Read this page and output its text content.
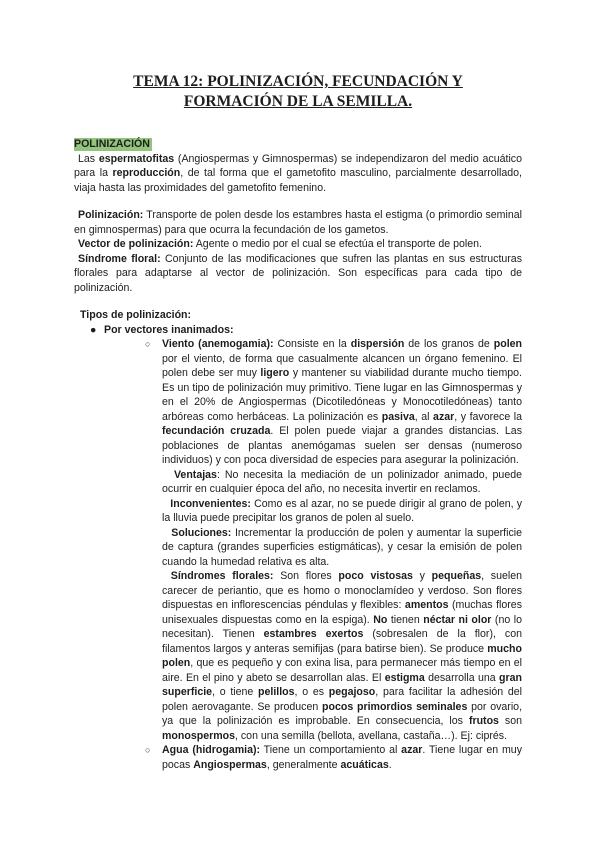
TEMA 12: POLINIZACIÓN, FECUNDACIÓN Y
FORMACIÓN DE LA SEMILLA.
POLINIZACIÓN

Las espermatofitas (Angiospermas y Gimnospermas) se independizaron del medio acuático para la reproducción, de tal forma que el gametofito masculino, parcialmente desarrollado, viaja hasta las proximidades del gametofito femenino.

Polinización: Transporte de polen desde los estambres hasta el estigma (o primordio seminal en gimnospermas) para que ocurra la fecundación de los gametos.

Vector de polinización: Agente o medio por el cual se efectúa el transporte de polen.

Síndrome floral: Conjunto de las modificaciones que sufren las plantas en sus estructuras florales para adaptarse al vector de polinización. Son específicas para cada tipo de polinización.

Tipos de polinización:

● Por vectores inanimados:
○ Viento (anemogamia): Consiste en la dispersión de los granos de polen por el viento, de forma que casualmente alcancen un órgano femenino. El polen debe ser muy ligero y mantener su viabilidad durante mucho tiempo. Es un tipo de polinización muy primitivo. Tiene lugar en las Gimnospermas y en el 20% de Angiospermas (Dicotiledóneas y Monocotiledóneas) tanto arbóreas como herbáceas. La polinización es pasiva, al azar, y favorece la fecundación cruzada. El polen puede viajar a grandes distancias. Las poblaciones de plantas anemógamas suelen ser densas (numeroso individuos) y con poca diversidad de especies para asegurar la polinización.

Ventajas: No necesita la mediación de un polinizador animado, puede ocurrir en cualquier época del año, no necesita invertir en reclamos.

Inconvenientes: Como es al azar, no se puede dirigir al grano de polen, y la lluvia puede precipitar los granos de polen al suelo.

Soluciones: Incrementar la producción de polen y aumentar la superficie de captura (grandes superficies estigmáticas), y cesar la emisión de polen cuando la humedad relativa es alta.

Síndromes florales: Son flores poco vistosas y pequeñas, suelen carecer de periantio, que es homo o monoclamídeo y verdoso. Son flores dispuestas en inflorescencias péndulas y flexibles: amentos (muchas flores unisexuales dispuestas como en la espiga). No tienen néctar ni olor (no lo necesitan). Tienen estambres exertos (sobresalen de la flor), con filamentos largos y anteras semifijas (para batirse bien). Se produce mucho polen, que es pequeño y con exina lisa, para permanecer más tiempo en el aire. En el pino y abeto se desarrollan alas. El estigma desarrolla una gran superficie, o tiene pelillos, o es pegajoso, para facilitar la adhesión del polen aerovagante. Se producen pocos primordios seminales por ovario, ya que la polinización es improbable. En consecuencia, los frutos son monospermos, con una semilla (bellota, avellana, castaña…). Ej: ciprés.

○ Agua (hidrogamia): Tiene un comportamiento al azar. Tiene lugar en muy pocas Angiospermas, generalmente acuáticas.
